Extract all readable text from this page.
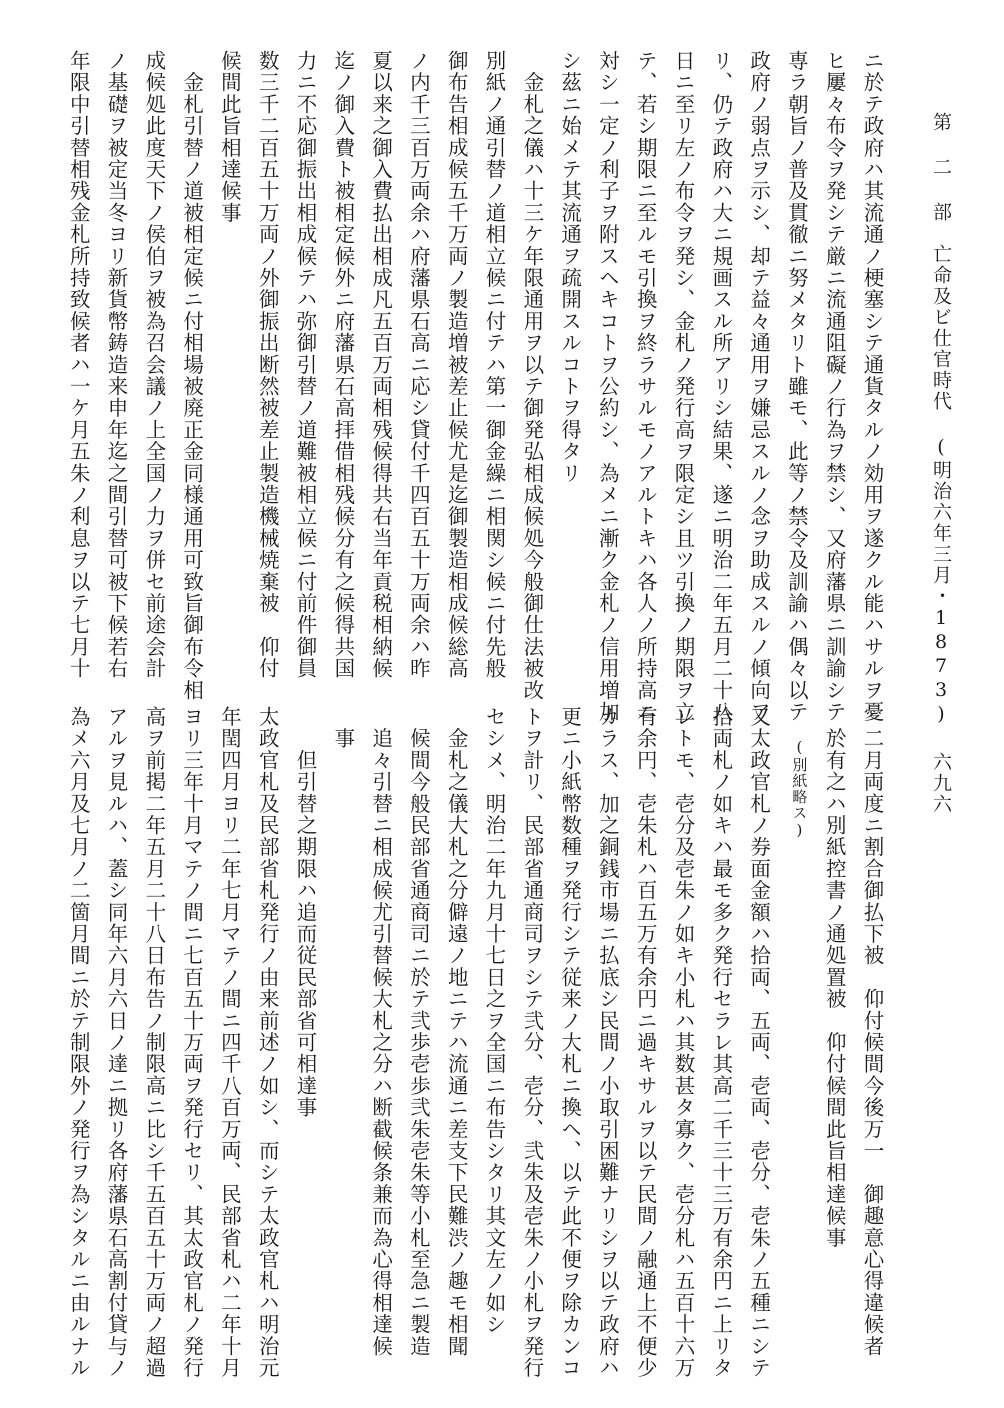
第 二 部　亡命及ビ仕官時代 (明治六年三月・1873)
六九六
ニ於テ政府ハ其流通ノ梗塞シテ通貨タルノ効用ヲ遂クル能ハサルヲ憂
ヒ屢々布令ヲ発シテ厳ニ流通阻礙ノ行為ヲ禁シ、又府藩県ニ訓諭シテ
専ラ朝旨ノ普及貫徹ニ努メタリト雖モ、此等ノ禁令及訓諭ハ偶々以テ
政府ノ弱点ヲ示シ、却テ益々通用ヲ嫌忌スルノ念ヲ助成スルノ傾向ア
リ、仍テ政府ハ大ニ規画スル所アリシ結果、遂ニ明治二年五月二十八
日ニ至リ左ノ布令ヲ発シ、金札ノ発行高ヲ限定シ且ツ引換ノ期限ヲ立
テ、若シ期限ニ至ルモ引換ヲ終ラサルモノアルトキハ各人ノ所持高ニ
対シ一定ノ利子ヲ附スヘキコトヲ公約シ、為メニ漸ク金札ノ信用増加
シ茲ニ始メテ其流通ヲ疏開スルコトヲ得タリ
　金札之儀ハ十三ケ年限通用ヲ以テ御発弘相成候処今般御仕法被改
別紙ノ通引替ノ道相立候ニ付テハ第一御金繰ニ相関シ候ニ付先般
御布告相成候五千万両ノ製造増被差止候尤是迄御製造相成候総高
ノ内千三百万両余ハ府藩県石高ニ応シ貸付千四百五十万両余ハ昨
夏以来之御入費払出相成凡五百万両相残候得共右当年貢税相納候
迄ノ御入費ト被相定候外ニ府藩県石高拝借相残候分有之候得共国
力ニ不応御振出相成候テハ弥御引替ノ道難被相立候ニ付前件御員
数三千二百五十万両ノ外御振出断然被差止製造機械焼棄被　仰付
候間此旨相達候事
　金札引替ノ道被相定候ニ付相場被廃正金同様通用可致旨御布令相
成候処此度天下ノ侯伯ヲ被為召会議ノ上全国ノ力ヲ併セ前途会計
ノ基礎ヲ被定当冬ヨリ新貨幣鋳造来申年迄之間引替可被下候若右
年限中引替相残金札所持致候者ハ一ケ月五朱ノ利息ヲ以テ七月十
　二月両度ニ割合御払下被　仰付候間今後万一　御趣意心得違候者
　於有之ハ別紙控書ノ通処置被　仰付候間此旨相達候事
　　(別紙略ス)
又太政官札ノ券面金額ハ拾両、五両、壱両、壱分、壱朱ノ五種ニシテ
拾両札ノ如キハ最モ多ク発行セラレ其高二千三十三万有余円ニ上リタ
レトモ、壱分及壱朱ノ如キ小札ハ其数甚タ寡ク、壱分札ハ五百十六万
有余円、壱朱札ハ百五万有余円ニ過キサルヲ以テ民間ノ融通上不便少
カラス、加之銅銭市場ニ払底シ民間ノ小取引困難ナリシヲ以テ政府ハ
更ニ小紙幣数種ヲ発行シテ従来ノ大札ニ換ヘ、以テ此不便ヲ除カンコ
トヲ計リ、民部省通商司ヲシテ弐分、壱分、弐朱及壱朱ノ小札ヲ発行
セシメ、明治二年九月十七日之ヲ全国ニ布告シタリ其文左ノ如シ
　金札之儀大札之分僻遠ノ地ニテハ流通ニ差支下民難渋ノ趣モ相聞
　候間今般民部省通商司ニ於テ弐歩壱歩弐朱壱朱等小札至急ニ製造
　追々引替ニ相成候尤引替候大札之分ハ断截候条兼而為心得相達候
　事
　　但引替之期限ハ追而従民部省可相達事
太政官札及民部省札発行ノ由来前述ノ如シ、而シテ太政官札ハ明治元
年閏四月ヨリ二年七月マテノ間ニ四千八百万両、民部省札ハ二年十月
ヨリ三年十月マテノ間ニ七百五十万両ヲ発行セリ、其太政官札ノ発行
高ヲ前掲二年五月二十八日布告ノ制限高ニ比シ千五百五十万両ノ超過
アルヲ見ルハ、蓋シ同年六月六日ノ達ニ拠リ各府藩県石高割付貸与ノ
為メ六月及七月ノ二箇月間ニ於テ制限外ノ発行ヲ為シタルニ由ルナル
